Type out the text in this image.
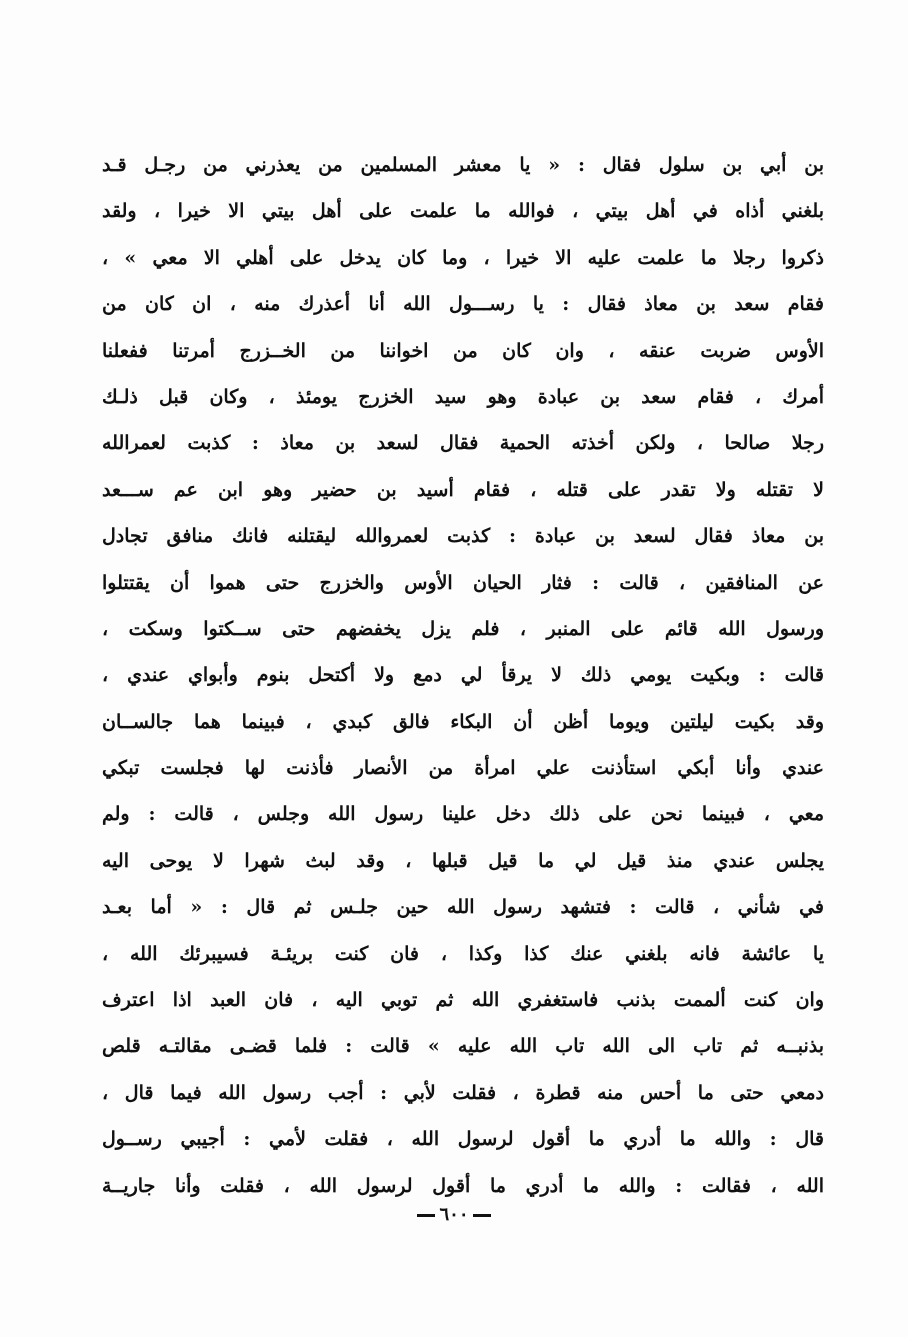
بن أبي بن سلول فقال : « يا معشر المسلمين من يعذرني من رجـل قـد
بلغني أذاه في أهل بيتي ، فوالله ما علمت على أهل بيتي الا خيرا ، ولقد
ذكروا رجلا ما علمت عليه الا خيرا ، وما كان يدخل على أهلي الا معي » ،
فقام سعد بن معاذ فقال : يا رســـول الله أنا أعذرك منه ، ان كان من
الأوس ضربت عنقه ، وان كان من اخواننا من الخــزرج أمرتنا ففعلنا
أمرك ، فقام سعد بن عبادة وهو سيد الخزرج يومئذ ، وكان قبل ذلـك
رجلا صالحا ، ولكن أخذته الحمية فقال لسعد بن معاذ : كذبت لعمرالله
لا تقتله ولا تقدر على قتله ، فقام أسيد بن حضير وهو ابن عم ســـعد
بن معاذ فقال لسعد بن عبادة : كذبت لعمروالله ليقتلنه فانك منافق تجادل
عن المنافقين ، قالت : فثار الحيان الأوس والخزرج حتى هموا أن يقتتلوا
ورسول الله قائم على المنبر ، فلم يزل يخفضهم حتى ســكتوا وسكت ،
قالت : وبكيت يومي ذلك لا يرقأ لي دمع ولا أكتحل بنوم وأبواي عندي ،
وقد بكيت ليلتين ويوما أظن أن البكاء فالق كبدي ، فبينما هما جالســان
عندي وأنا أبكي استأذنت علي امرأة من الأنصار فأذنت لها فجلست تبكي
معي ، فبينما نحن على ذلك دخل علينا رسول الله وجلس ، قالت : ولم
يجلس عندي منذ قيل لي ما قيل قبلها ، وقد لبث شهرا لا يوحى اليه
في شأني ، قالت : فتشهد رسول الله حين جلـس ثم قال : « أما بعـد
يا عائشة فانه بلغني عنك كذا وكذا ، فان كنت بريئـة فسيبرئك الله ،
وان كنت ألممت بذنب فاستغفري الله ثم توبي اليه ، فان العبد اذا اعترف
بذنبــه ثم تاب الى الله تاب الله عليه » قالت : فلما قضـى مقالتـه قلص
دمعي حتى ما أحس منه قطرة ، فقلت لأبي : أجب رسول الله فيما قال ،
قال : والله ما أدري ما أقول لرسول الله ، فقلت لأمي : أجيبي رســول
الله ، فقالت : والله ما أدري ما أقول لرسول الله ، فقلت وأنا جاريــة
٦٠٠
